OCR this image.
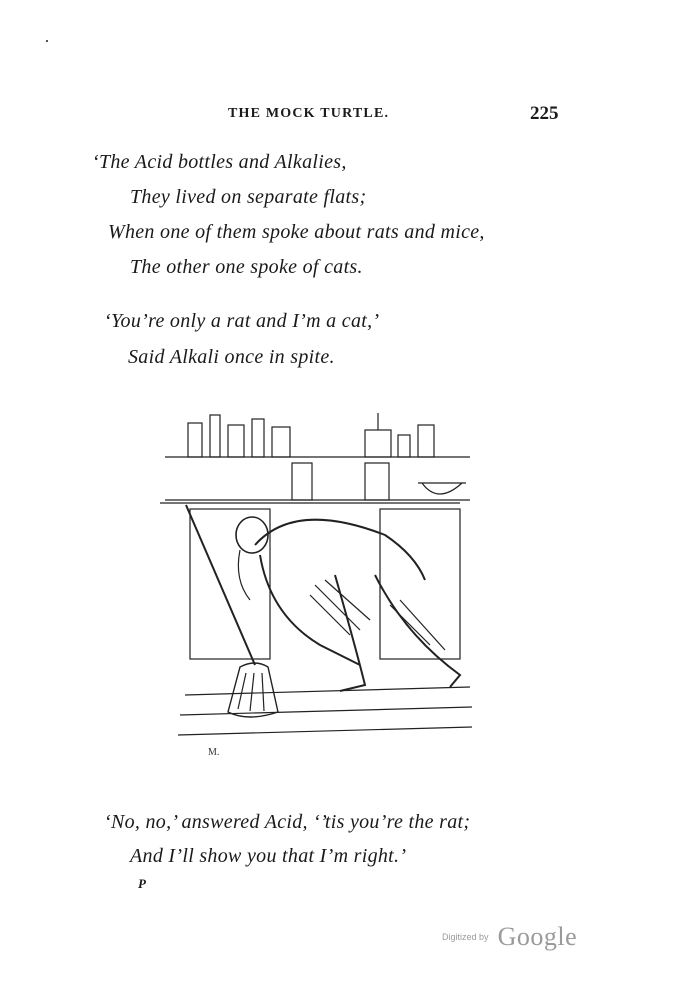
THE MOCK TURTLE.	225
‘The Acid bottles and Alkalies,
They lived on separate flats;
When one of them spoke about rats and mice,
The other one spoke of cats.
‘You’re only a rat and I’m a cat,’
Said Alkali once in spite.
M.
‘No, no,’ answered Acid, ‘’tis you’re the rat;
And I’ll show you that I’m right.’
P
Digitized by Google
